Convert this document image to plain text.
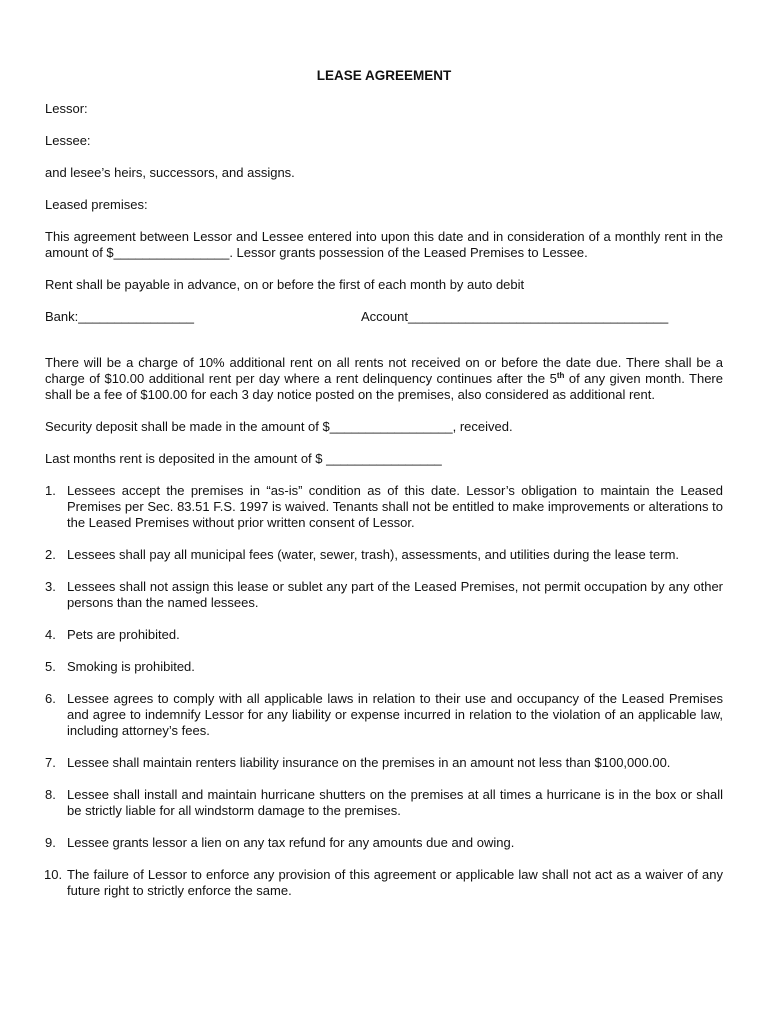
LEASE AGREEMENT

Lessor:

Lessee:

and lesee’s heirs, successors, and assigns.

Leased premises:

This agreement between Lessor and Lessee entered into upon this date and in consideration of a monthly rent in the amount of $________________. Lessor grants possession of the Leased Premises to Lessee.

Rent shall be payable in advance, on or before the first of each month by auto debit

Bank:________________	Account____________________________________

There will be a charge of 10% additional rent on all rents not received on or before the date due. There shall be a charge of $10.00 additional rent per day where a rent delinquency continues after the 5th of any given month. There shall be a fee of $100.00 for each 3 day notice posted on the premises, also considered as additional rent.

Security deposit shall be made in the amount of $_________________, received.

Last months rent is deposited in the amount of $ ________________

1. Lessees accept the premises in “as-is” condition as of this date. Lessor’s obligation to maintain the Leased Premises per Sec. 83.51 F.S. 1997 is waived. Tenants shall not be entitled to make improvements or alterations to the Leased Premises without prior written consent of Lessor.
2. Lessees shall pay all municipal fees (water, sewer, trash), assessments, and utilities during the lease term.
3. Lessees shall not assign this lease or sublet any part of the Leased Premises, not permit occupation by any other persons than the named lessees.
4. Pets are prohibited.
5. Smoking is prohibited.
6. Lessee agrees to comply with all applicable laws in relation to their use and occupancy of the Leased Premises and agree to indemnify Lessor for any liability or expense incurred in relation to the violation of an applicable law, including attorney’s fees.
7. Lessee shall maintain renters liability insurance on the premises in an amount not less than $100,000.00.
8. Lessee shall install and maintain hurricane shutters on the premises at all times a hurricane is in the box or shall be strictly liable for all windstorm damage to the premises.
9. Lessee grants lessor a lien on any tax refund for any amounts due and owing.
10. The failure of Lessor to enforce any provision of this agreement or applicable law shall not act as a waiver of any future right to strictly enforce the same.
